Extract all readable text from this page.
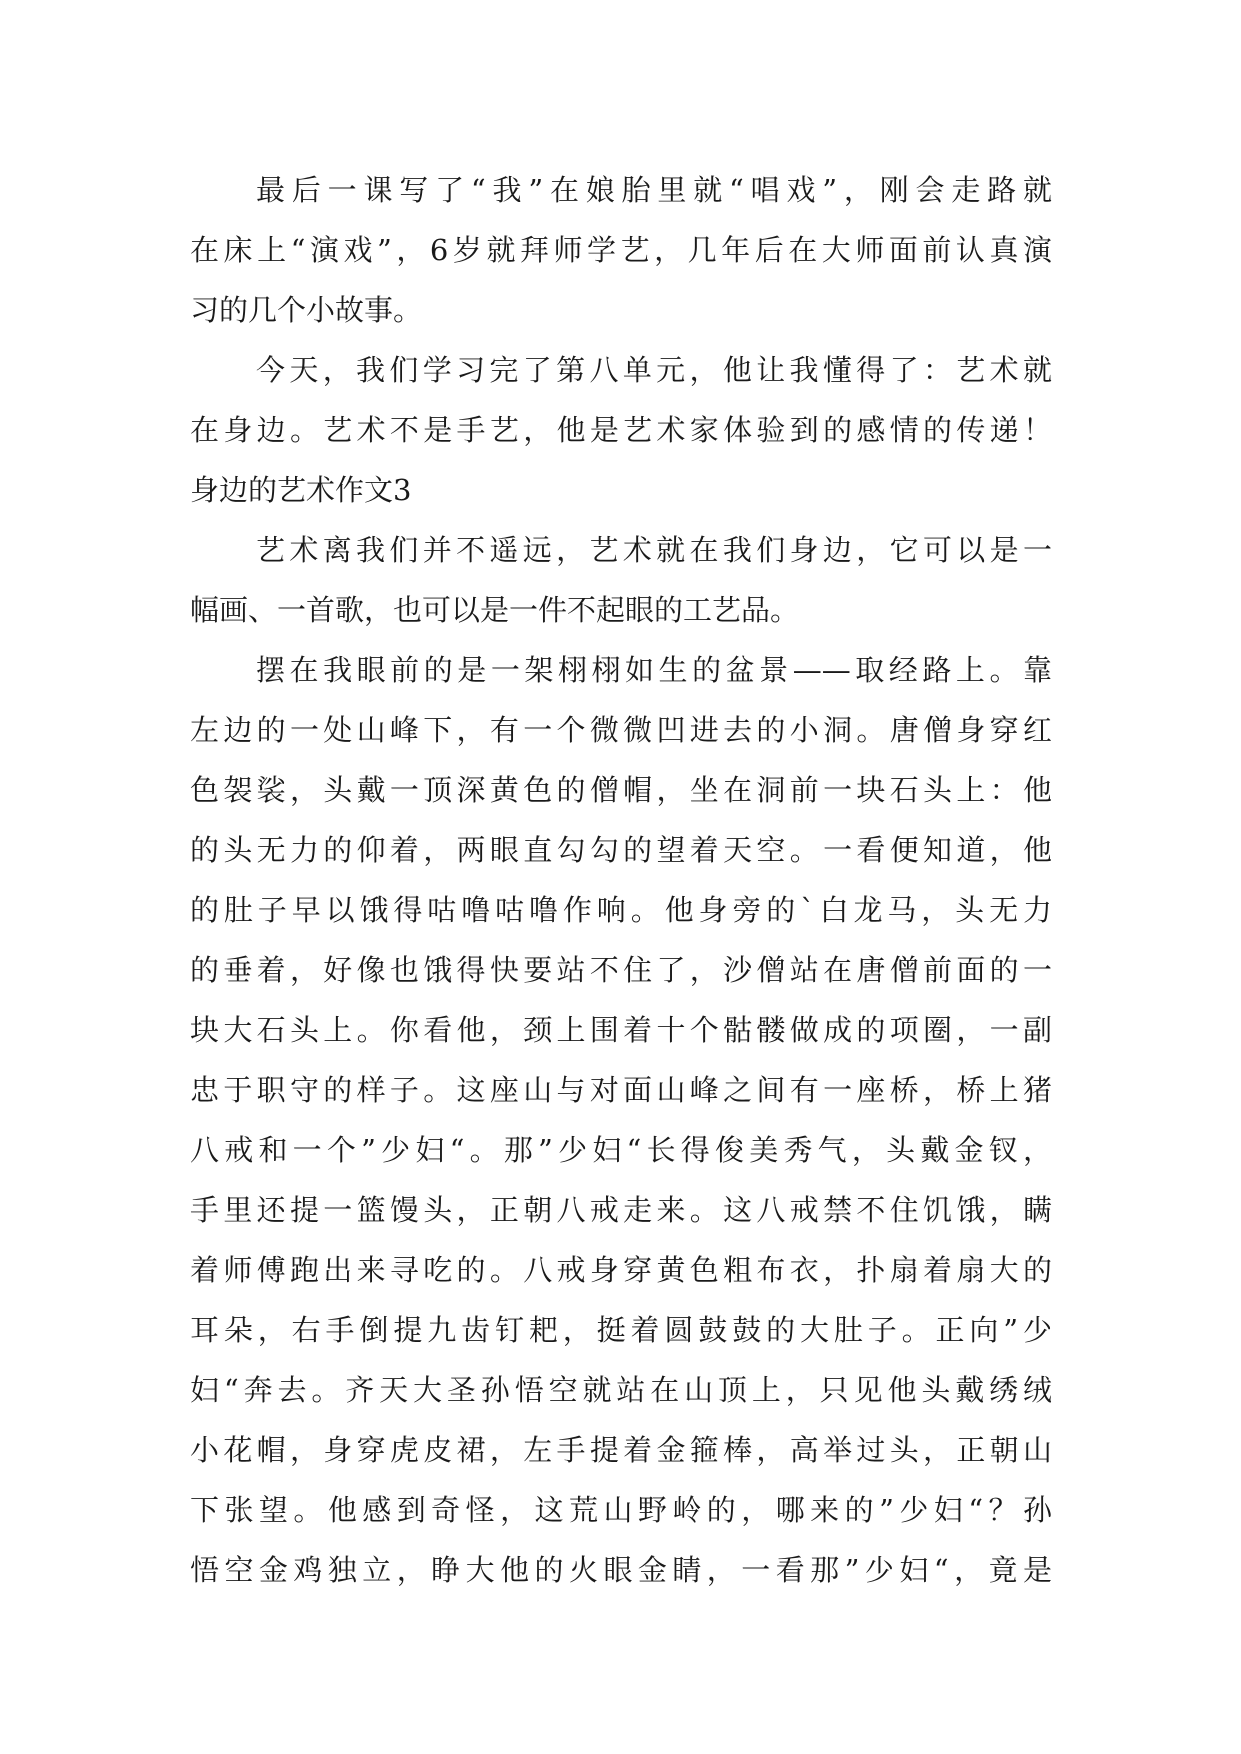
最后一课写了“我”在娘胎里就“唱戏”，刚会走路就
在床上“演戏”，6岁就拜师学艺，几年后在大师面前认真演
习的几个小故事。
今天，我们学习完了第八单元，他让我懂得了：艺术就
在身边。艺术不是手艺，他是艺术家体验到的感情的传递！
身边的艺术作文3
艺术离我们并不遥远，艺术就在我们身边，它可以是一
幅画、一首歌，也可以是一件不起眼的工艺品。
摆在我眼前的是一架栩栩如生的盆景——取经路上。靠
左边的一处山峰下，有一个微微凹进去的小洞。唐僧身穿红
色袈裟，头戴一顶深黄色的僧帽，坐在洞前一块石头上：他
的头无力的仰着，两眼直勾勾的望着天空。一看便知道，他
的肚子早以饿得咕噜咕噜作响。他身旁的`白龙马，头无力
的垂着，好像也饿得快要站不住了，沙僧站在唐僧前面的一
块大石头上。你看他，颈上围着十个骷髅做成的项圈，一副
忠于职守的样子。这座山与对面山峰之间有一座桥，桥上猪
八戒和一个”少妇“。那”少妇“长得俊美秀气，头戴金钗，
手里还提一篮馒头，正朝八戒走来。这八戒禁不住饥饿，瞒
着师傅跑出来寻吃的。八戒身穿黄色粗布衣，扑扇着扇大的
耳朵，右手倒提九齿钉耙，挺着圆鼓鼓的大肚子。正向”少
妇“奔去。齐天大圣孙悟空就站在山顶上，只见他头戴绣绒
小花帽，身穿虎皮裙，左手提着金箍棒，高举过头，正朝山
下张望。他感到奇怪，这荒山野岭的，哪来的”少妇“？孙
悟空金鸡独立，睁大他的火眼金睛，一看那”少妇“，竟是
